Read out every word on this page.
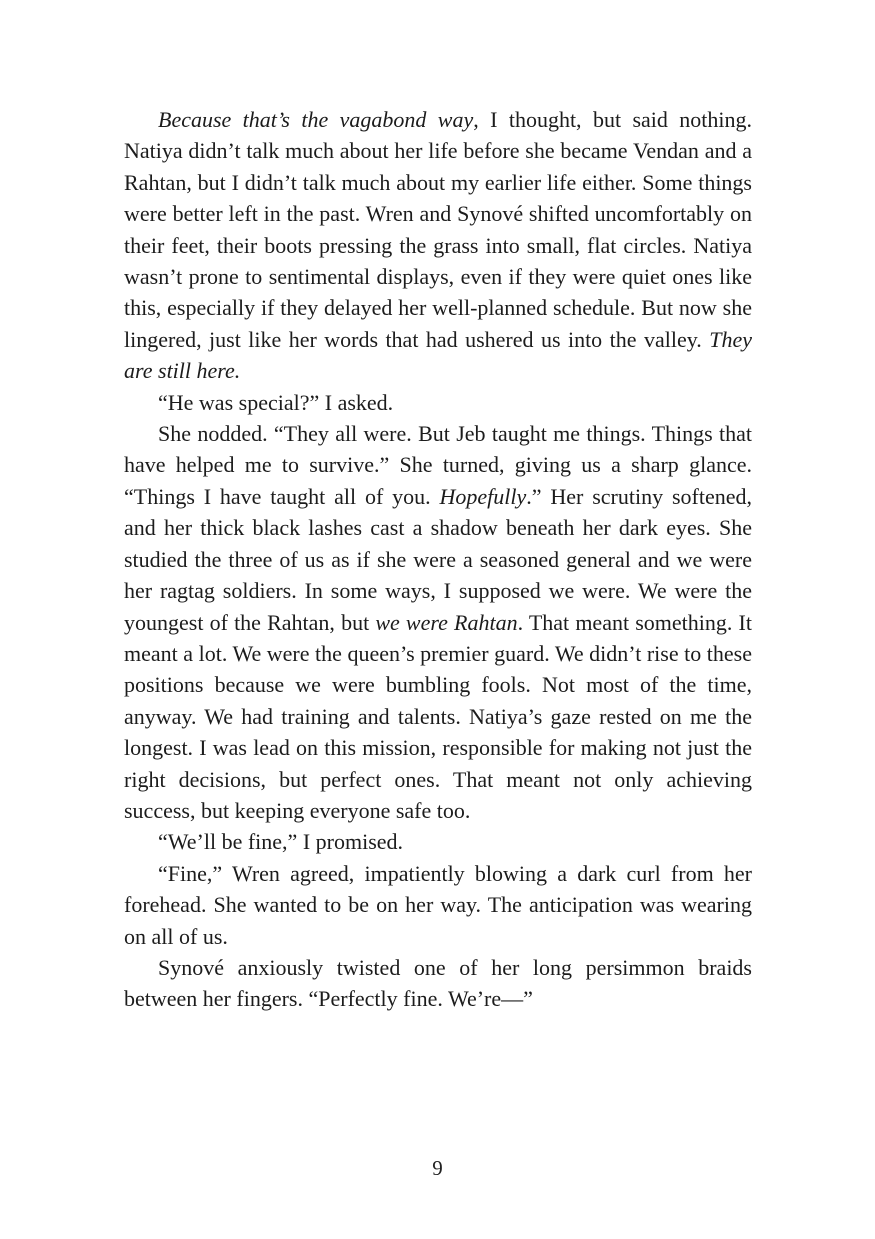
Because that’s the vagabond way, I thought, but said nothing. Natiya didn’t talk much about her life before she became Vendan and a Rahtan, but I didn’t talk much about my earlier life either. Some things were better left in the past. Wren and Synové shifted uncomfortably on their feet, their boots pressing the grass into small, flat circles. Natiya wasn’t prone to sentimental displays, even if they were quiet ones like this, especially if they delayed her well-planned schedule. But now she lingered, just like her words that had ushered us into the valley. They are still here.

“He was special?” I asked.

She nodded. “They all were. But Jeb taught me things. Things that have helped me to survive.” She turned, giving us a sharp glance. “Things I have taught all of you. Hopefully.” Her scrutiny softened, and her thick black lashes cast a shadow beneath her dark eyes. She studied the three of us as if she were a seasoned general and we were her ragtag soldiers. In some ways, I supposed we were. We were the youngest of the Rahtan, but we were Rahtan. That meant something. It meant a lot. We were the queen’s premier guard. We didn’t rise to these positions because we were bumbling fools. Not most of the time, anyway. We had training and talents. Natiya’s gaze rested on me the longest. I was lead on this mission, responsible for making not just the right decisions, but perfect ones. That meant not only achieving success, but keeping everyone safe too.

“We’ll be fine,” I promised.

“Fine,” Wren agreed, impatiently blowing a dark curl from her forehead. She wanted to be on her way. The anticipation was wearing on all of us.

Synové anxiously twisted one of her long persimmon braids between her fingers. “Perfectly fine. We’re—”

9
